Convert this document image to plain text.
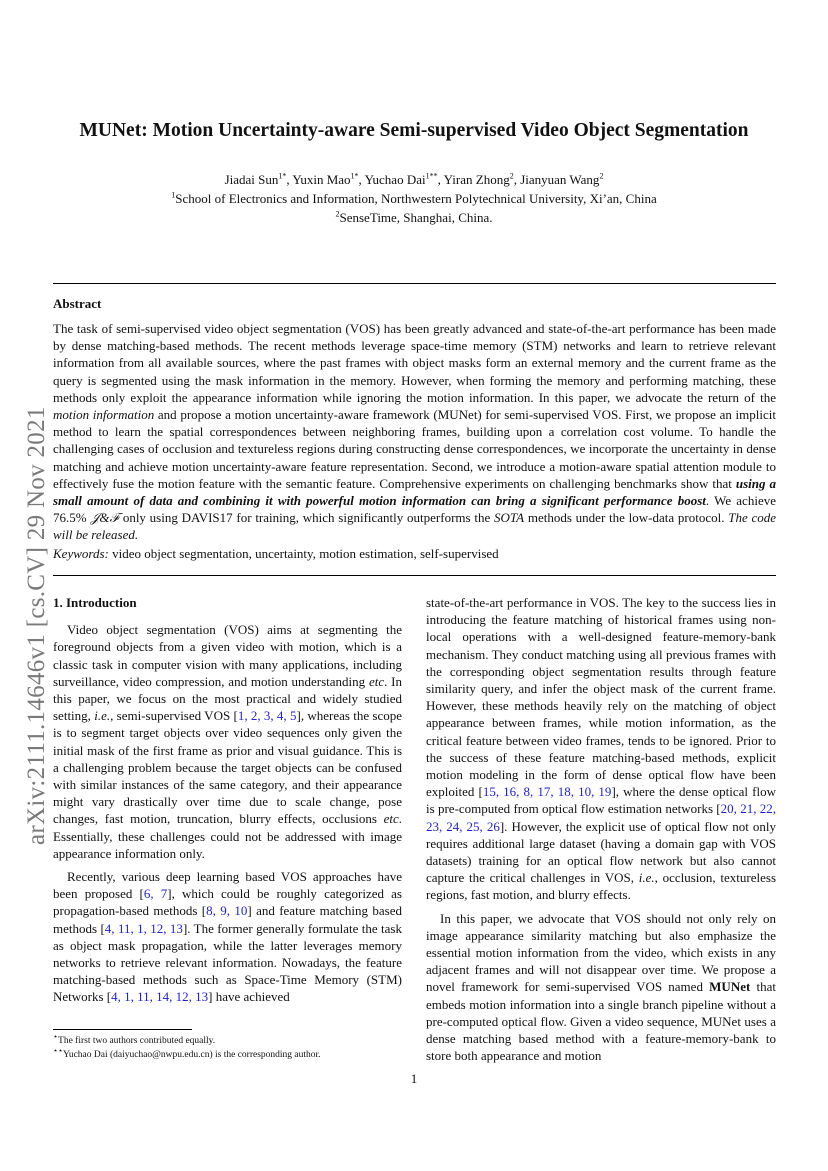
arXiv:2111.14646v1 [cs.CV] 29 Nov 2021
MUNet: Motion Uncertainty-aware Semi-supervised Video Object Segmentation
Jiadai Sun$^{1*}$, Yuxin Mao$^{1*}$, Yuchao Dai$^{1**}$, Yiran Zhong$^2$, Jianyuan Wang$^2$
$^1$School of Electronics and Information, Northwestern Polytechnical University, Xi’an, China
$^2$SenseTime, Shanghai, China.
Abstract
The task of semi-supervised video object segmentation (VOS) has been greatly advanced and state-of-the-art performance has been made by dense matching-based methods. The recent methods leverage space-time memory (STM) networks and learn to retrieve relevant information from all available sources, where the past frames with object masks form an external memory and the current frame as the query is segmented using the mask information in the memory. However, when forming the memory and performing matching, these methods only exploit the appearance information while ignoring the motion information. In this paper, we advocate the return of the motion information and propose a motion uncertainty-aware framework (MUNet) for semi-supervised VOS. First, we propose an implicit method to learn the spatial correspondences between neighboring frames, building upon a correlation cost volume. To handle the challenging cases of occlusion and textureless regions during constructing dense correspondences, we incorporate the uncertainty in dense matching and achieve motion uncertainty-aware feature representation. Second, we introduce a motion-aware spatial attention module to effectively fuse the motion feature with the semantic feature. Comprehensive experiments on challenging benchmarks show that using a small amount of data and combining it with powerful motion information can bring a significant performance boost. We achieve 76.5% 𝒥&ℱ only using DAVIS17 for training, which significantly outperforms the SOTA methods under the low-data protocol. The code will be released.
Keywords: video object segmentation, uncertainty, motion estimation, self-supervised
1. Introduction

Video object segmentation (VOS) aims at segmenting the foreground objects from a given video with motion, which is a classic task in computer vision with many applications, including surveillance, video compression, and motion understanding etc. In this paper, we focus on the most practical and widely studied setting, i.e., semi-supervised VOS [1, 2, 3, 4, 5], whereas the scope is to segment target objects over video sequences only given the initial mask of the first frame as prior and visual guidance. This is a challenging problem because the target objects can be confused with similar instances of the same category, and their appearance might vary drastically over time due to scale change, pose changes, fast motion, truncation, blurry effects, occlusions etc. Essentially, these challenges could not be addressed with image appearance information only.

Recently, various deep learning based VOS approaches have been proposed [6, 7], which could be roughly categorized as propagation-based methods [8, 9, 10] and feature matching based methods [4, 11, 1, 12, 13]. The former generally formulate the task as object mask propagation, while the latter leverages memory networks to retrieve relevant information. Nowadays, the feature matching-based methods such as Space-Time Memory (STM) Networks [4, 1, 11, 14, 12, 13] have achieved

state-of-the-art performance in VOS. The key to the success lies in introducing the feature matching of historical frames using non-local operations with a well-designed feature-memory-bank mechanism. They conduct matching using all previous frames with the corresponding object segmentation results through feature similarity query, and infer the object mask of the current frame. However, these methods heavily rely on the matching of object appearance between frames, while motion information, as the critical feature between video frames, tends to be ignored. Prior to the success of these feature matching-based methods, explicit motion modeling in the form of dense optical flow have been exploited [15, 16, 8, 17, 18, 10, 19], where the dense optical flow is pre-computed from optical flow estimation networks [20, 21, 22, 23, 24, 25, 26]. However, the explicit use of optical flow not only requires additional large dataset (having a domain gap with VOS datasets) training for an optical flow network but also cannot capture the critical challenges in VOS, i.e., occlusion, textureless regions, fast motion, and blurry effects.

In this paper, we advocate that VOS should not only rely on image appearance similarity matching but also emphasize the essential motion information from the video, which exists in any adjacent frames and will not disappear over time. We propose a novel framework for semi-supervised VOS named MUNet that embeds motion information into a single branch pipeline without a pre-computed optical flow. Given a video sequence, MUNet uses a dense matching based method with a feature-memory-bank to store both appearance and motion

⋆The first two authors contributed equally.
⋆⋆Yuchao Dai (daiyuchao@nwpu.edu.cn) is the corresponding author.
1
